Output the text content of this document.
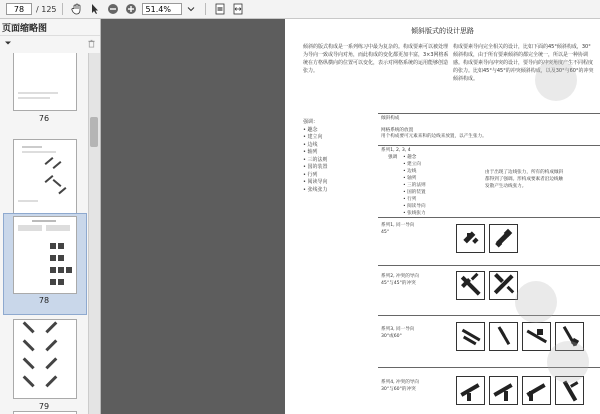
78
/ 125
51.4%
页面缩略图
76
78
79
倾斜版式的设计思路
倾斜的版式构成是一系列练习中最为复杂的。构成要素可以被处理为导向一致或导向对角，而此构成的变化都更加丰富，3×3网格系统在方格纵横向的位置可以变化，表示对网格系统的运用能够创造张力。
构成要素导向完全相关的设计，比如下面的45°倾斜构成，30°倾斜构成，由于所有要素倾斜的都完全统一，所以是一种协调感。构成要素导向冲突的设计，要导向的冲突角度产生不同程度的张力。比如45°与45°的冲突倾斜构成，以及30°与60°的冲突倾斜构成。
强调：
• 趣念
• 建立向
• 边线
• 轴列
• 三的法则
• 国的装置
• 行列
• 阅读导向
• 张线张力
倾斜构成
网格系统的放置
用个构成要可元素来和的边线来放置，以产生张力。
系列1, 2, 3, 4
强调 • 趣念
• 建立向
• 边线
• 轴列
• 三的法则
• 国的装置
• 行列
• 阅读导向
• 张线张力
由于出现了边线张力，所有的构成倾斜都得到了强调。形构成要素者沿边线触发散产生动线张力。
系列1, 同一导向
45°
系列2, 冲突的导向
45°与45°的冲突
系列3, 同一导向
30°或60°
系列4, 冲突的导向
30°与60°的冲突
